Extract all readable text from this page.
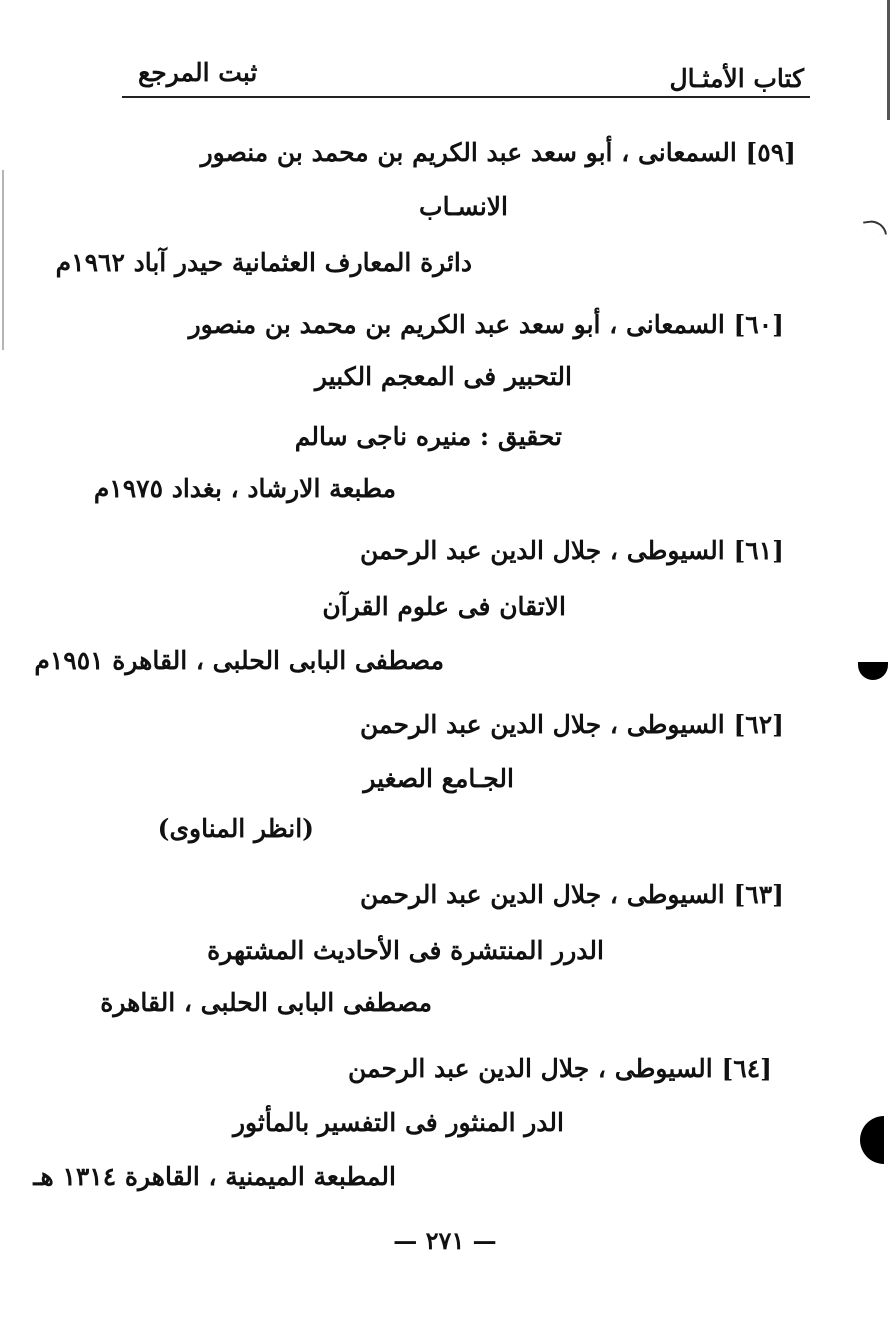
كتاب الأمثـال
ثبت المرجع
[٥٩] السمعانى ، أبو سعد عبد الكريم بن محمد بن منصور
الانسـاب
دائرة المعارف العثمانية حيدر آباد ١٩٦٢م
[٦٠] السمعانى ، أبو سعد عبد الكريم بن محمد بن منصور
التحبير فى المعجم الكبير
تحقيق : منيره ناجى سالم
مطبعة الارشاد ، بغداد ١٩٧٥م
[٦١] السيوطى ، جلال الدين عبد الرحمن
الاتقان فى علوم القرآن
مصطفى البابى الحلبى ، القاهرة ١٩٥١م
[٦٢] السيوطى ، جلال الدين عبد الرحمن
الجـامع الصغير
(انظر المناوى)
[٦٣] السيوطى ، جلال الدين عبد الرحمن
الدرر المنتشرة فى الأحاديث المشتهرة
مصطفى البابى الحلبى ، القاهرة
[٦٤] السيوطى ، جلال الدين عبد الرحمن
الدر المنثور فى التفسير بالمأثور
المطبعة الميمنية ، القاهرة ١٣١٤ هـ
— ٢٧١ —
